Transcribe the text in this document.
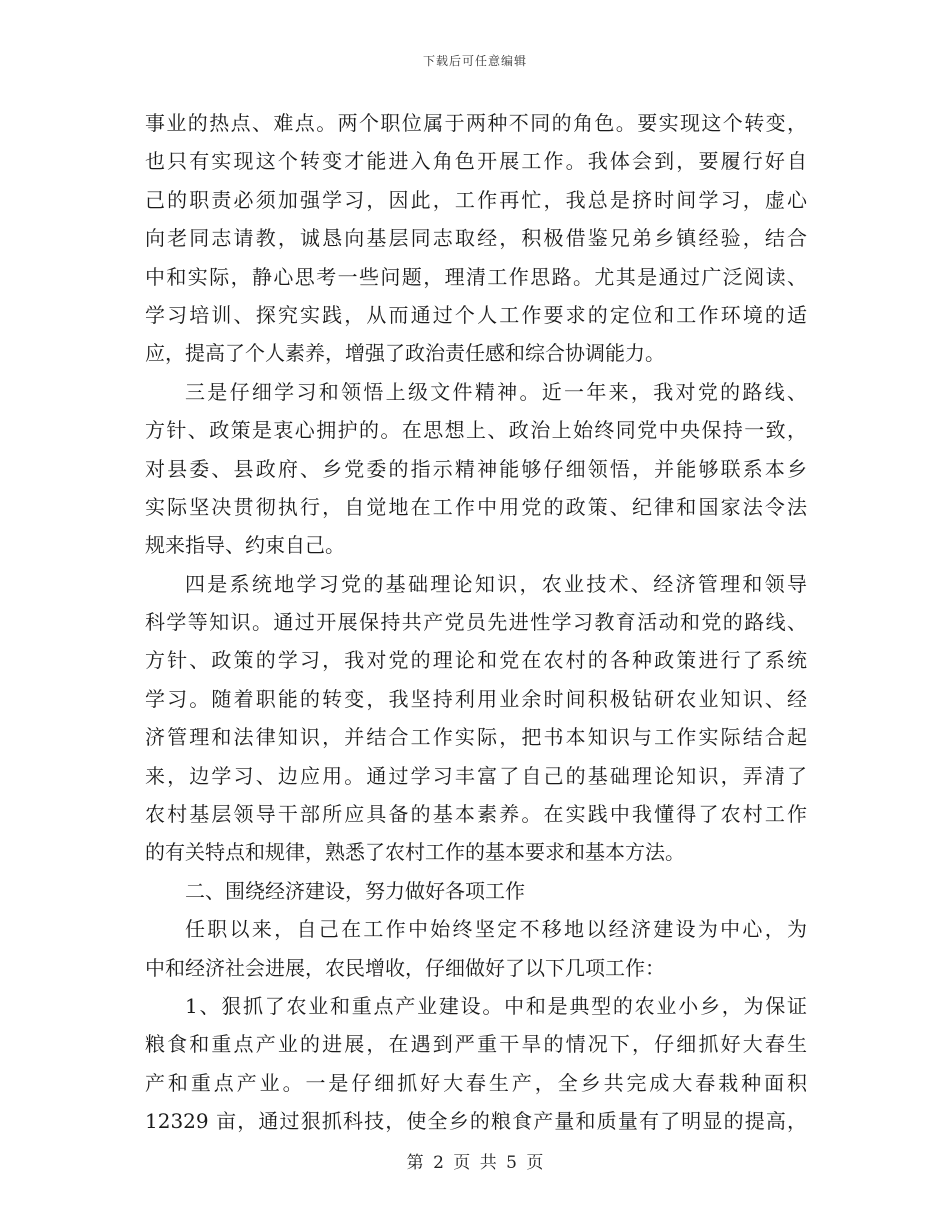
下载后可任意编辑
事业的热点、难点。两个职位属于两种不同的角色。要实现这个转变，
也只有实现这个转变才能进入角色开展工作。我体会到，要履行好自
己的职责必须加强学习，因此，工作再忙，我总是挤时间学习，虚心
向老同志请教，诚恳向基层同志取经，积极借鉴兄弟乡镇经验，结合
中和实际，静心思考一些问题，理清工作思路。尤其是通过广泛阅读、
学习培训、探究实践，从而通过个人工作要求的定位和工作环境的适
应，提高了个人素养，增强了政治责任感和综合协调能力。
三是仔细学习和领悟上级文件精神。近一年来，我对党的路线、
方针、政策是衷心拥护的。在思想上、政治上始终同党中央保持一致，
对县委、县政府、乡党委的指示精神能够仔细领悟，并能够联系本乡
实际坚决贯彻执行，自觉地在工作中用党的政策、纪律和国家法令法
规来指导、约束自己。
四是系统地学习党的基础理论知识，农业技术、经济管理和领导
科学等知识。通过开展保持共产党员先进性学习教育活动和党的路线、
方针、政策的学习，我对党的理论和党在农村的各种政策进行了系统
学习。随着职能的转变，我坚持利用业余时间积极钻研农业知识、经
济管理和法律知识，并结合工作实际，把书本知识与工作实际结合起
来，边学习、边应用。通过学习丰富了自己的基础理论知识，弄清了
农村基层领导干部所应具备的基本素养。在实践中我懂得了农村工作
的有关特点和规律，熟悉了农村工作的基本要求和基本方法。
二、围绕经济建设，努力做好各项工作
任职以来，自己在工作中始终坚定不移地以经济建设为中心，为
中和经济社会进展，农民增收，仔细做好了以下几项工作：
1、狠抓了农业和重点产业建设。中和是典型的农业小乡，为保证
粮食和重点产业的进展，在遇到严重干旱的情况下，仔细抓好大春生
产和重点产业。一是仔细抓好大春生产，全乡共完成大春栽种面积
12329 亩，通过狠抓科技，使全乡的粮食产量和质量有了明显的提高，
第 2 页 共 5 页
